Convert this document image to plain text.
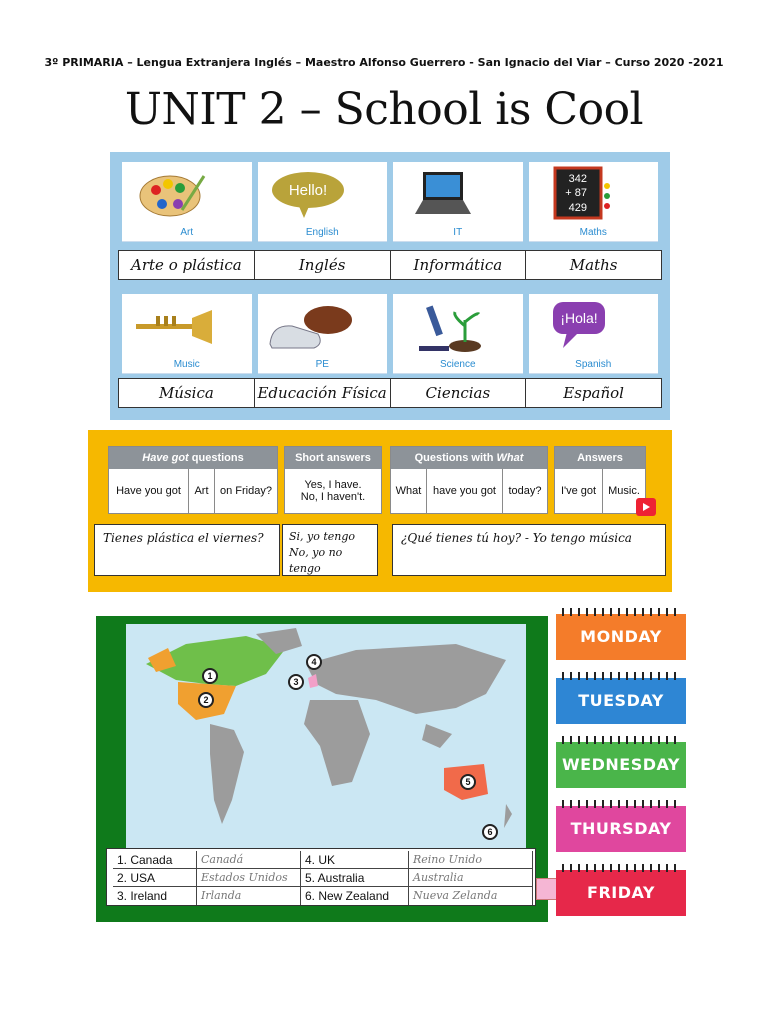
3º PRIMARIA – Lengua Extranjera Inglés – Maestro Alfonso Guerrero - San Ignacio del Viar – Curso 2020 -2021
UNIT 2 – School is Cool
Art
Hello!
English	IT
342
+ 87
429
Maths
Arte o plástica	Inglés	Informática	Maths
Music	PE	Science
¡Hola!
Spanish
Música	Educación Física	Ciencias	Español
Have got questions
Have you got	Art	on Friday?
Short answers
Yes, I have.
No, I haven't.
Questions with What
What	have you got	today?
Answers
I've got	Music.
Tienes plástica el viernes?	Si, yo tengo
No, yo no tengo
¿Qué tienes tú hoy? - Yo tengo música
1
2
3
4
5
6
1. Canada	Canadá	4. UK	Reino Unido
2. USA	Estados Unidos	5. Australia	Australia
3. Ireland	Irlanda	6. New Zealand	Nueva Zelanda
MONDAY
TUESDAY
WEDNESDAY
THURSDAY
FRIDAY
